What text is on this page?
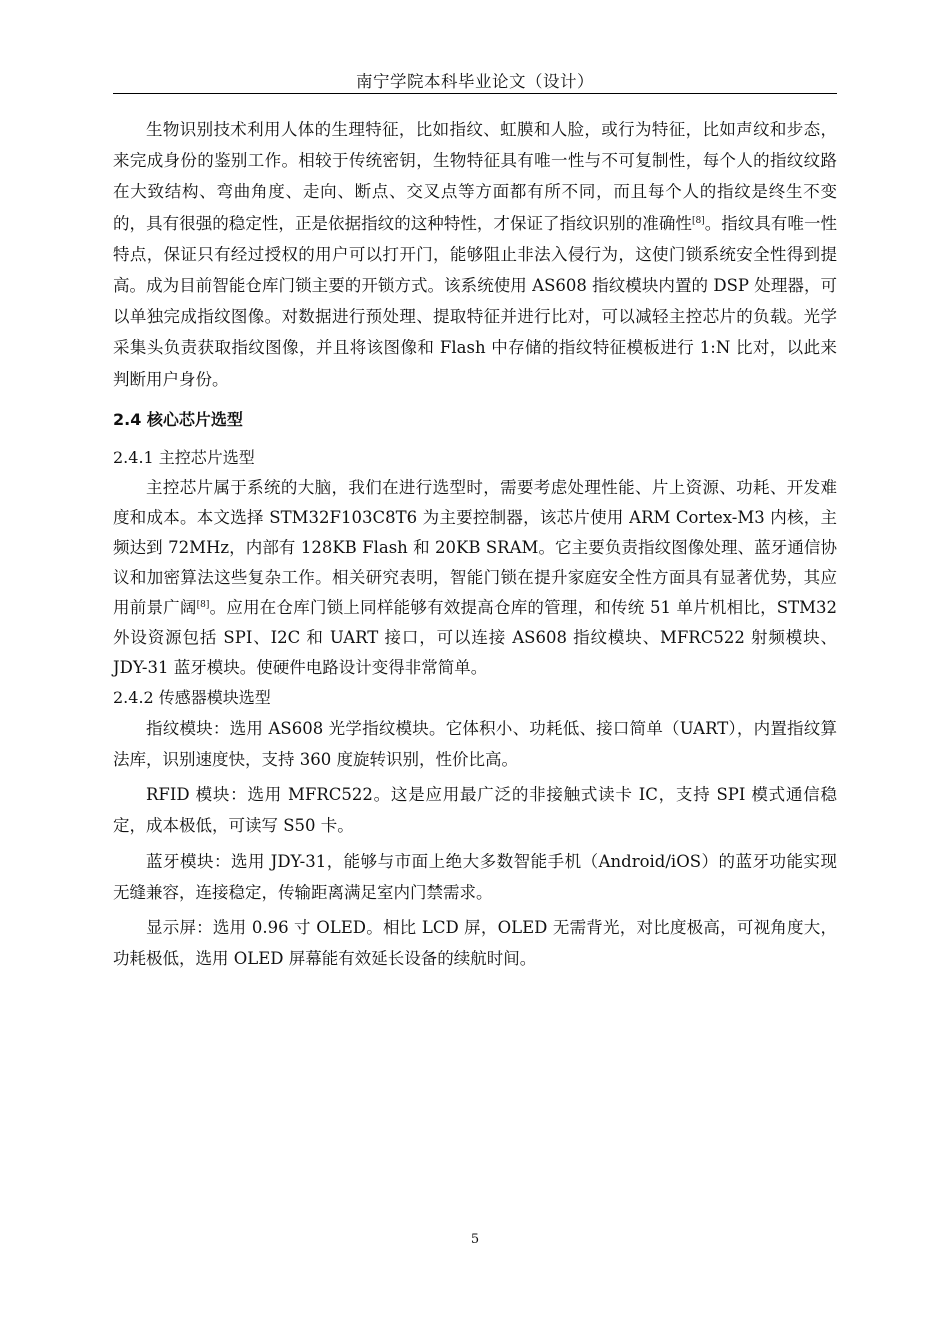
南宁学院本科毕业论文（设计）

生物识别技术利用人体的生理特征，比如指纹、虹膜和人脸，或行为特征，比如声纹和步态，来完成身份的鉴别工作。相较于传统密钥，生物特征具有唯一性与不可复制性，每个人的指纹纹路在大致结构、弯曲角度、走向、断点、交叉点等方面都有所不同，而且每个人的指纹是终生不变的，具有很强的稳定性，正是依据指纹的这种特性，才保证了指纹识别的准确性[8]。指纹具有唯一性特点，保证只有经过授权的用户可以打开门，能够阻止非法入侵行为，这使门锁系统安全性得到提高。成为目前智能仓库门锁主要的开锁方式。该系统使用 AS608 指纹模块内置的 DSP 处理器，可以单独完成指纹图像。对数据进行预处理、提取特征并进行比对，可以减轻主控芯片的负载。光学采集头负责获取指纹图像，并且将该图像和 Flash 中存储的指纹特征模板进行 1:N 比对，以此来判断用户身份。

2.4 核心芯片选型
2.4.1 主控芯片选型

主控芯片属于系统的大脑，我们在进行选型时，需要考虑处理性能、片上资源、功耗、开发难度和成本。本文选择 STM32F103C8T6 为主要控制器，该芯片使用 ARM Cortex-M3 内核，主频达到 72MHz，内部有 128KB Flash 和 20KB SRAM。它主要负责指纹图像处理、蓝牙通信协议和加密算法这些复杂工作。相关研究表明，智能门锁在提升家庭安全性方面具有显著优势，其应用前景广阔[8]。应用在仓库门锁上同样能够有效提高仓库的管理，和传统 51 单片机相比，STM32 外设资源包括 SPI、I2C 和 UART 接口，可以连接 AS608 指纹模块、MFRC522 射频模块、JDY-31 蓝牙模块。使硬件电路设计变得非常简单。

2.4.2 传感器模块选型

指纹模块：选用 AS608 光学指纹模块。它体积小、功耗低、接口简单（UART），内置指纹算法库，识别速度快，支持 360 度旋转识别，性价比高。

RFID 模块：选用 MFRC522。这是应用最广泛的非接触式读卡 IC，支持 SPI 模式通信稳定，成本极低，可读写 S50 卡。

蓝牙模块：选用 JDY-31，能够与市面上绝大多数智能手机（Android/iOS）的蓝牙功能实现无缝兼容，连接稳定，传输距离满足室内门禁需求。

显示屏：选用 0.96 寸 OLED。相比 LCD 屏，OLED 无需背光，对比度极高，可视角度大，功耗极低，选用 OLED 屏幕能有效延长设备的续航时间。

5
